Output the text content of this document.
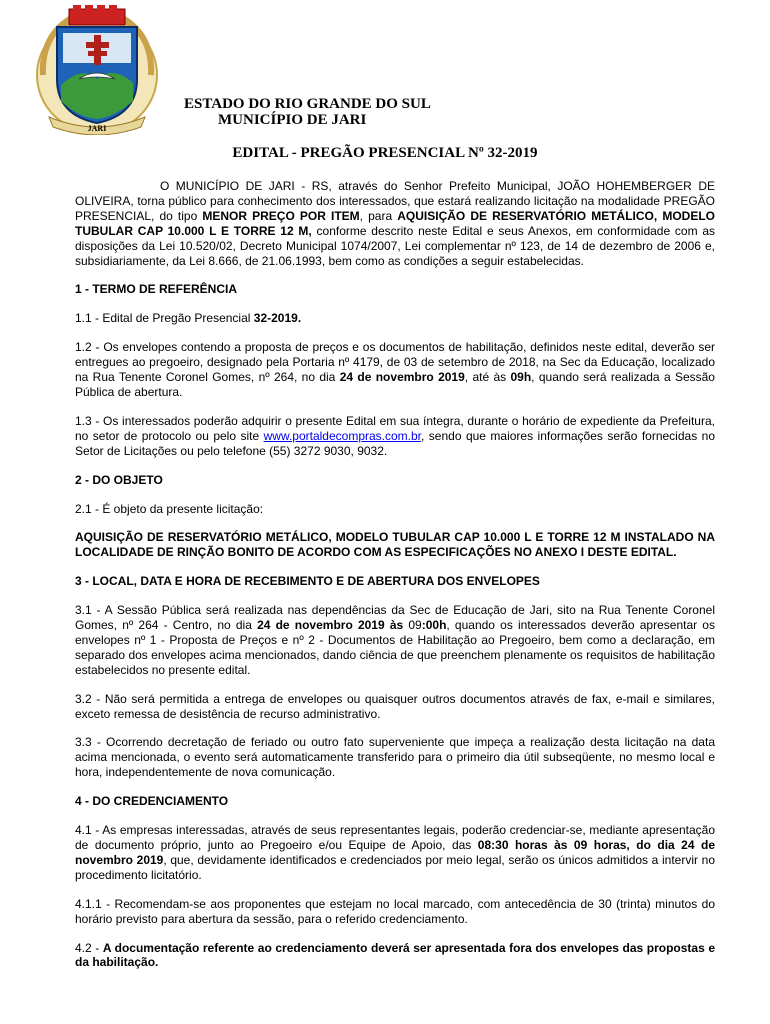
JARI
ESTADO DO RIO GRANDE DO SUL
MUNICÍPIO DE JARI
EDITAL - PREGÃO PRESENCIAL Nº 32-2019

O MUNICÍPIO DE JARI - RS, através do Senhor Prefeito Municipal, JOÃO HOHEMBERGER DE OLIVEIRA, torna público para conhecimento dos interessados, que estará realizando licitação na modalidade PREGÃO PRESENCIAL, do tipo MENOR PREÇO POR ITEM, para AQUISIÇÃO DE RESERVATÓRIO METÁLICO, MODELO TUBULAR CAP 10.000 L E TORRE 12 M, conforme descrito neste Edital e seus Anexos, em conformidade com as disposições da Lei 10.520/02, Decreto Municipal 1074/2007, Lei complementar nº 123, de 14 de dezembro de 2006 e, subsidiariamente, da Lei 8.666, de 21.06.1993, bem como as condições a seguir estabelecidas.

1 - TERMO DE REFERÊNCIA

1.1 - Edital de Pregão Presencial 32-2019.

1.2 - Os envelopes contendo a proposta de preços e os documentos de habilitação, definidos neste edital, deverão ser entregues ao pregoeiro, designado pela Portaria nº 4179, de 03 de setembro de 2018, na Sec da Educação, localizado na Rua Tenente Coronel Gomes, nº 264, no dia 24 de novembro 2019, até às 09h, quando será realizada a Sessão Pública de abertura.

1.3 - Os interessados poderão adquirir o presente Edital em sua íntegra, durante o horário de expediente da Prefeitura, no setor de protocolo ou pelo site www.portaldecompras.com.br, sendo que maiores informações serão fornecidas no Setor de Licitações ou pelo telefone (55) 3272 9030, 9032.

2 - DO OBJETO

2.1 - É objeto da presente licitação:

AQUISIÇÃO DE RESERVATÓRIO METÁLICO, MODELO TUBULAR CAP 10.000 L E TORRE 12 M INSTALADO NA LOCALIDADE DE RINÇÃO BONITO DE ACORDO COM AS ESPECIFICAÇÕES NO ANEXO I DESTE EDITAL.

3 - LOCAL, DATA E HORA DE RECEBIMENTO E DE ABERTURA DOS ENVELOPES

3.1 - A Sessão Pública será realizada nas dependências da Sec de Educação de Jari, sito na Rua Tenente Coronel Gomes, nº 264 - Centro, no dia 24 de novembro 2019 às 09:00h, quando os interessados deverão apresentar os envelopes nº 1 - Proposta de Preços e nº 2 - Documentos de Habilitação ao Pregoeiro, bem como a declaração, em separado dos envelopes acima mencionados, dando ciência de que preenchem plenamente os requisitos de habilitação estabelecidos no presente edital.

3.2 - Não será permitida a entrega de envelopes ou quaisquer outros documentos através de fax, e-mail e similares, exceto remessa de desistência de recurso administrativo.

3.3 - Ocorrendo decretação de feriado ou outro fato superveniente que impeça a realização desta licitação na data acima mencionada, o evento será automaticamente transferido para o primeiro dia útil subseqüente, no mesmo local e hora, independentemente de nova comunicação.

4 - DO CREDENCIAMENTO

4.1 - As empresas interessadas, através de seus representantes legais, poderão credenciar-se, mediante apresentação de documento próprio, junto ao Pregoeiro e/ou Equipe de Apoio, das 08:30 horas às 09 horas, do dia 24 de novembro 2019, que, devidamente identificados e credenciados por meio legal, serão os únicos admitidos a intervir no procedimento licitatório.

4.1.1 - Recomendam-se aos proponentes que estejam no local marcado, com antecedência de 30 (trinta) minutos do horário previsto para abertura da sessão, para o referido credenciamento.

4.2 - A documentação referente ao credenciamento deverá ser apresentada fora dos envelopes das propostas e da habilitação.
